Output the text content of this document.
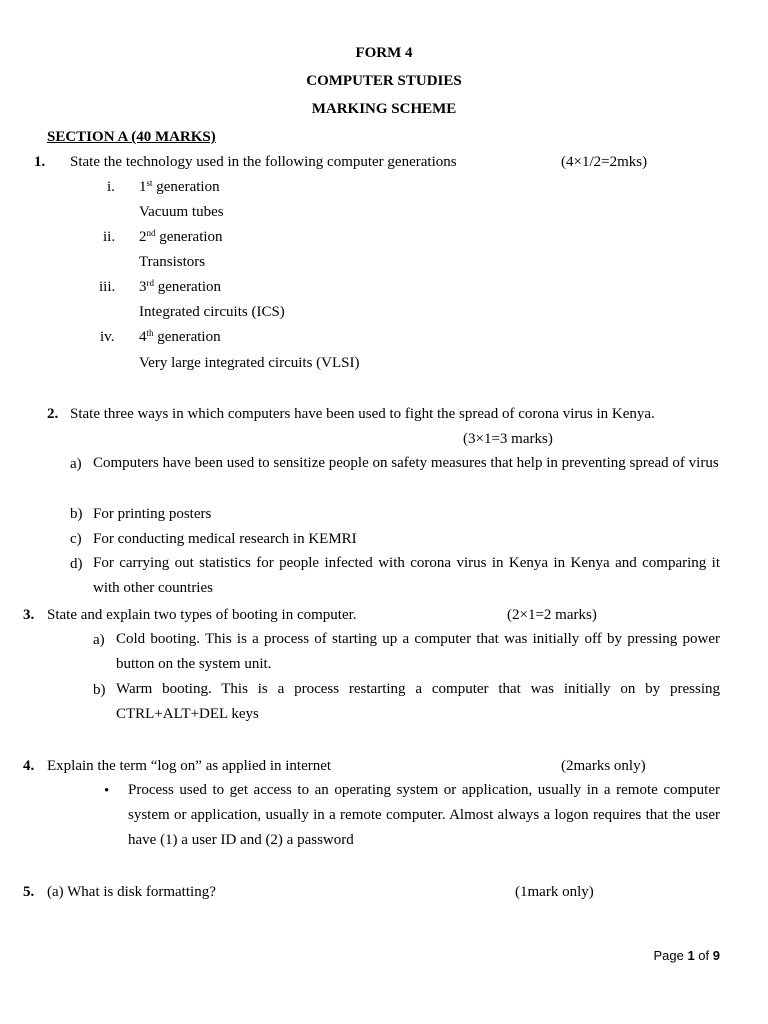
FORM 4
COMPUTER STUDIES
MARKING SCHEME
SECTION A (40 MARKS)
1. State the technology used in the following computer generations	(4×1/2=2mks)
i. 1st generation
Vacuum tubes
ii. 2nd generation
Transistors
iii. 3rd generation
Integrated circuits (ICS)
iv. 4th generation
Very large integrated circuits (VLSI)
2. State three ways in which computers have been used to fight the spread of corona virus in Kenya.
(3×1=3 marks)
a) Computers have been used to sensitize people on safety measures that help in preventing spread of virus
b) For printing posters
c) For conducting medical research in KEMRI
d) For carrying out statistics for people infected with corona virus in Kenya in Kenya and comparing it with other countries
3. State and explain two types of booting in computer.	(2×1=2 marks)
a) Cold booting. This is a process of starting up a computer that was initially off by pressing power button on the system unit.
b) Warm booting. This is a process restarting a computer that was initially on by pressing CTRL+ALT+DEL keys
4. Explain the term “log on” as applied in internet	(2marks only)
• Process used to get access to an operating system or application, usually in a remote computer system or application, usually in a remote computer. Almost always a logon requires that the user have (1) a user ID and (2) a password
5. (a) What is disk formatting?	(1mark only)
Page 1 of 9
